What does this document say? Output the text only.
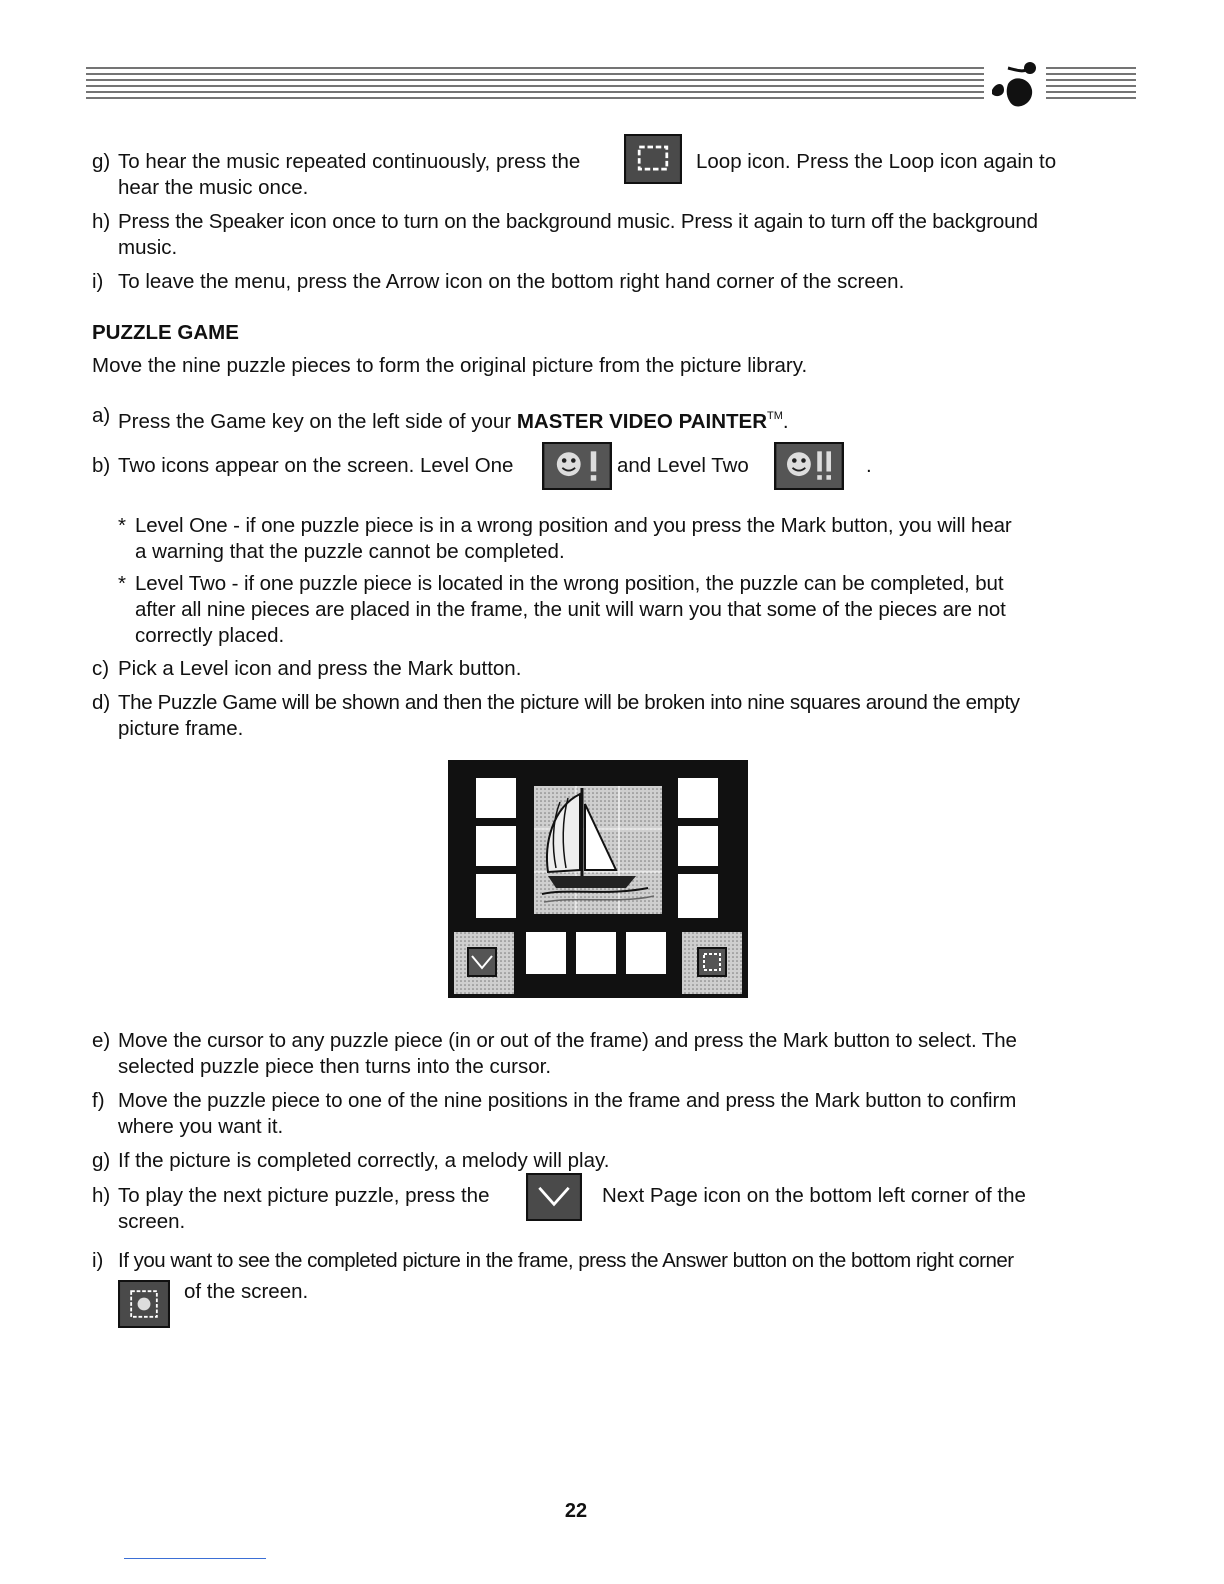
g) To hear the music repeated continuously, press the	Loop icon. Press the Loop icon again to
hear the music once.
h) Press the Speaker icon once to turn on the background music. Press it again to turn off the background
music.
i) To leave the menu, press the Arrow icon on the bottom right hand corner of the screen.
PUZZLE GAME
Move the nine puzzle pieces to form the original picture from the picture library.
a) Press the Game key on the left side of your MASTER VIDEO PAINTER™.
b) Two icons appear on the screen. Level One	and Level Two	.
* Level One - if one puzzle piece is in a wrong position and you press the Mark button, you will hear
a warning that the puzzle cannot be completed.
* Level Two - if one puzzle piece is located in the wrong position, the puzzle can be completed, but
after all nine pieces are placed in the frame, the unit will warn you that some of the pieces are not
correctly placed.
c) Pick a Level icon and press the Mark button.
d) The Puzzle Game will be shown and then the picture will be broken into nine squares around the empty
picture frame.
e) Move the cursor to any puzzle piece (in or out of the frame) and press the Mark button to select. The
selected puzzle piece then turns into the cursor.
f) Move the puzzle piece to one of the nine positions in the frame and press the Mark button to confirm
where you want it.
g) If the picture is completed correctly, a melody will play.
h) To play the next picture puzzle, press the	Next Page icon on the bottom left corner of the
screen.
i) If you want to see the completed picture in the frame, press the Answer button on the bottom right corner
of the screen.
22
